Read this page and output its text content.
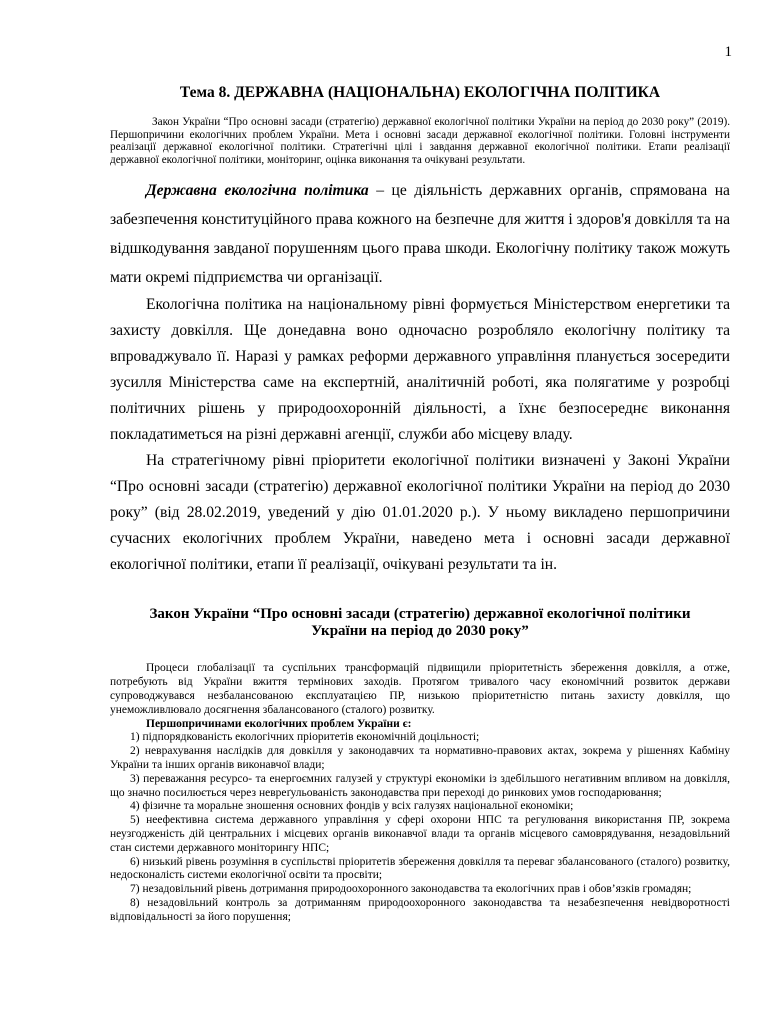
1
Тема 8. ДЕРЖАВНА (НАЦІОНАЛЬНА) ЕКОЛОГІЧНА ПОЛІТИКА

Закон України “Про основні засади (стратегію) державної екологічної політики України на період до 2030 року” (2019). Першопричини екологічних проблем України. Мета і основні засади державної екологічної політики. Головні інструменти реалізації державної екологічної політики. Стратегічні цілі і завдання державної екологічної політики. Етапи реалізації державної екологічної політики, моніторинг, оцінка виконання та очікувані результати.

Державна екологічна політика – це діяльність державних органів, спрямована на забезпечення конституційного права кожного на безпечне для життя і здоров'я довкілля та на відшкодування завданої порушенням цього права шкоди. Екологічну політику також можуть мати окремі підприємства чи організації.

Екологічна політика на національному рівні формується Міністерством енергетики та захисту довкілля. Ще донедавна воно одночасно розробляло екологічну політику та впроваджувало її. Наразі у рамках реформи державного управління планується зосередити зусилля Міністерства саме на експертній, аналітичній роботі, яка полягатиме у розробці політичних рішень у природоохоронній діяльності, а їхнє безпосереднє виконання покладатиметься на різні державні агенції, служби або місцеву владу.

На стратегічному рівні пріоритети екологічної політики визначені у Законі України “Про основні засади (стратегію) державної екологічної політики України на період до 2030 року” (від 28.02.2019, уведений у дію 01.01.2020 р.). У ньому викладено першопричини сучасних екологічних проблем України, наведено мета і основні засади державної екологічної політики, етапи її реалізації, очікувані результати та ін.

Закон України “Про основні засади (стратегію) державної екологічної політики
України на період до 2030 року”

Процеси глобалізації та суспільних трансформацій підвищили пріоритетність збереження довкілля, а отже, потребують від України вжиття термінових заходів. Протягом тривалого часу економічний розвиток держави супроводжувався незбалансованою експлуатацією ПР, низькою пріоритетністю питань захисту довкілля, що унеможливлювало досягнення збалансованого (сталого) розвитку.

Першопричинами екологічних проблем України є:

1) підпорядкованість екологічних пріоритетів економічній доцільності;
2) неврахування наслідків для довкілля у законодавчих та нормативно-правових актах, зокрема у рішеннях Кабміну України та інших органів виконавчої влади;
3) переважання ресурсо- та енергоємних галузей у структурі економіки із здебільшого негативним впливом на довкілля, що значно посилюється через невреґульованість законодавства при переході до ринкових умов господарювання;
4) фізичне та моральне зношення основних фондів у всіх галузях національної економіки;
5) неефективна система державного управління у сфері охорони НПС та регулювання використання ПР, зокрема неузгодженість дій центральних і місцевих органів виконавчої влади та органів місцевого самоврядування, незадовільний стан системи державного моніторингу НПС;
6) низький рівень розуміння в суспільстві пріоритетів збереження довкілля та переваг збалансованого (сталого) розвитку, недосконалість системи екологічної освіти та просвіти;
7) незадовільний рівень дотримання природоохоронного законодавства та екологічних прав і обов’язків громадян;
8) незадовільний контроль за дотриманням природоохоронного законодавства та незабезпечення невідворотності відповідальності за його порушення;
